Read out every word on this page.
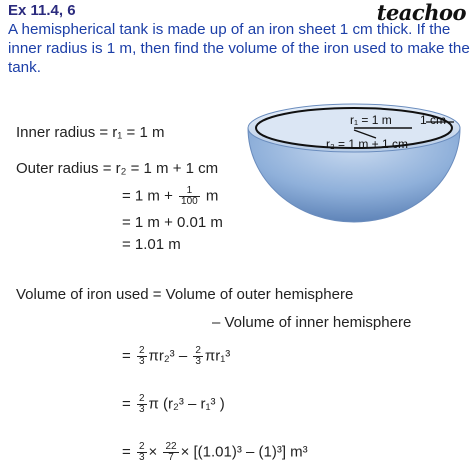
Ex 11.4, 6	teachoo
A hemispherical tank is made up of an iron sheet 1 cm thick. If the inner radius is 1 m, then find the volume of the iron used to make the tank.
r₁ = 1 m 1 cm
r₂ = 1 m + 1 cm
Inner radius = r₁ = 1 m
Outer radius = r₂ = 1 m + 1 cm
= 1 $m + \frac{1}{100}$ m
= 1 m + 0.01 m
= 1.01 m
Volume of iron used = Volume of outer hemisphere
– Volume of inner hemisphere
= $\frac{2}{3} \pi r_2^3 - \frac{2}{3} \pi r_1^3$
= $\frac{2}{3}$ π (r₂³ – r₁³ )
= $\frac{2}{3} \times \frac{22}{7} \times [(1.01)^3 - (1)^3]$ m³
